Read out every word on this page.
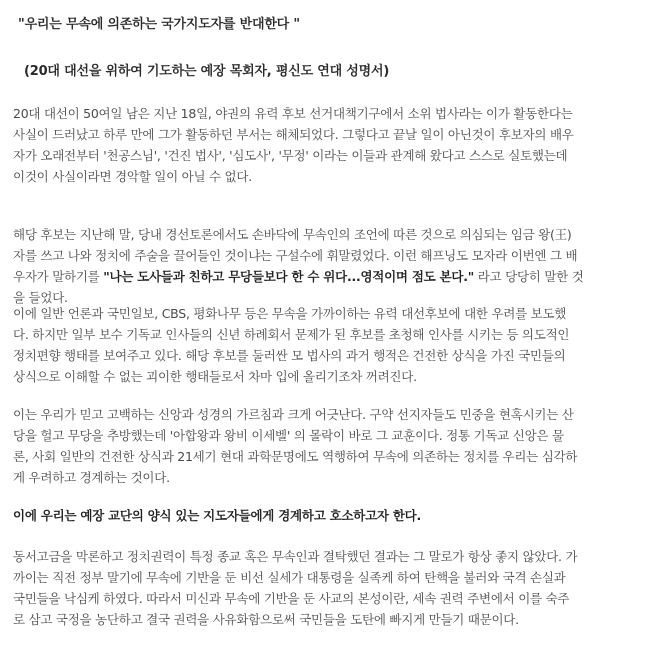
"우리는 무속에 의존하는 국가지도자를 반대한다 "
(20대 대선을 위하여 기도하는 예장 목회자, 평신도 연대 성명서)
20대 대선이 50여일 남은 지난 18일, 야권의 유력 후보 선거대책기구에서 소위 법사라는 이가 활동한다는
사실이 드러났고 하루 만에 그가 활동하던 부서는 해체되었다. 그렇다고 끝날 일이 아닌것이 후보자의 배우
자가 오래전부터 '천공스님', '건진 법사', '심도사', '무정' 이라는 이들과 관계해 왔다고 스스로 실토했는데
이것이 사실이라면 경악할 일이 아닐 수 없다.
해당 후보는 지난해 말, 당내 경선토론에서도 손바닥에 무속인의 조언에 따른 것으로 의심되는 임금 왕(王)
자를 쓰고 나와 정치에 주술을 끌어들인 것이냐는 구설수에 휘말렸었다. 이런 해프닝도 모자라 이번엔 그 배
우자가 말하기를 "나는 도사들과 친하고 무당들보다 한 수 위다...영적이며 점도 본다." 라고 당당히 말한 것
을 들었다.
이에 일반 언론과 국민일보, CBS, 평화나무 등은 무속을 가까이하는 유력 대선후보에 대한 우려를 보도했
다. 하지만 일부 보수 기독교 인사들의 신년 하례회서 문제가 된 후보를 초청해 인사를 시키는 등 의도적인
정치편향 행태를 보여주고 있다. 해당 후보를 둘러싼 모 법사의 과거 행적은 건전한 상식을 가진 국민들의
상식으로 이해할 수 없는 괴이한 행태들로서 차마 입에 올리기조차 꺼려진다.
이는 우리가 믿고 고백하는 신앙과 성경의 가르침과 크게 어긋난다. 구약 선지자들도 민중을 현혹시키는 산
당을 헐고 무당을 추방했는데 '아합왕과 왕비 이세벨' 의 몰락이 바로 그 교훈이다. 정통 기독교 신앙은 물
론, 사회 일반의 건전한 상식과 21세기 현대 과학문명에도 역행하여 무속에 의존하는 정치를 우리는 심각하
게 우려하고 경계하는 것이다.
이에 우리는 예장 교단의 양식 있는 지도자들에게 경계하고 호소하고자 한다.
동서고금을 막론하고 정치권력이 특정 종교 혹은 무속인과 결탁했던 결과는 그 말로가 항상 좋지 않았다. 가
까이는 직전 정부 말기에 무속에 기반을 둔 비선 실세가 대통령을 실족케 하여 탄핵을 불러와 국격 손실과
국민들을 낙심케 하였다. 따라서 미신과 무속에 기반을 둔 사교의 본성이란, 세속 권력 주변에서 이를 숙주
로 삼고 국정을 농단하고 결국 권력을 사유화함으로써 국민들을 도탄에 빠지게 만들기 때문이다.
